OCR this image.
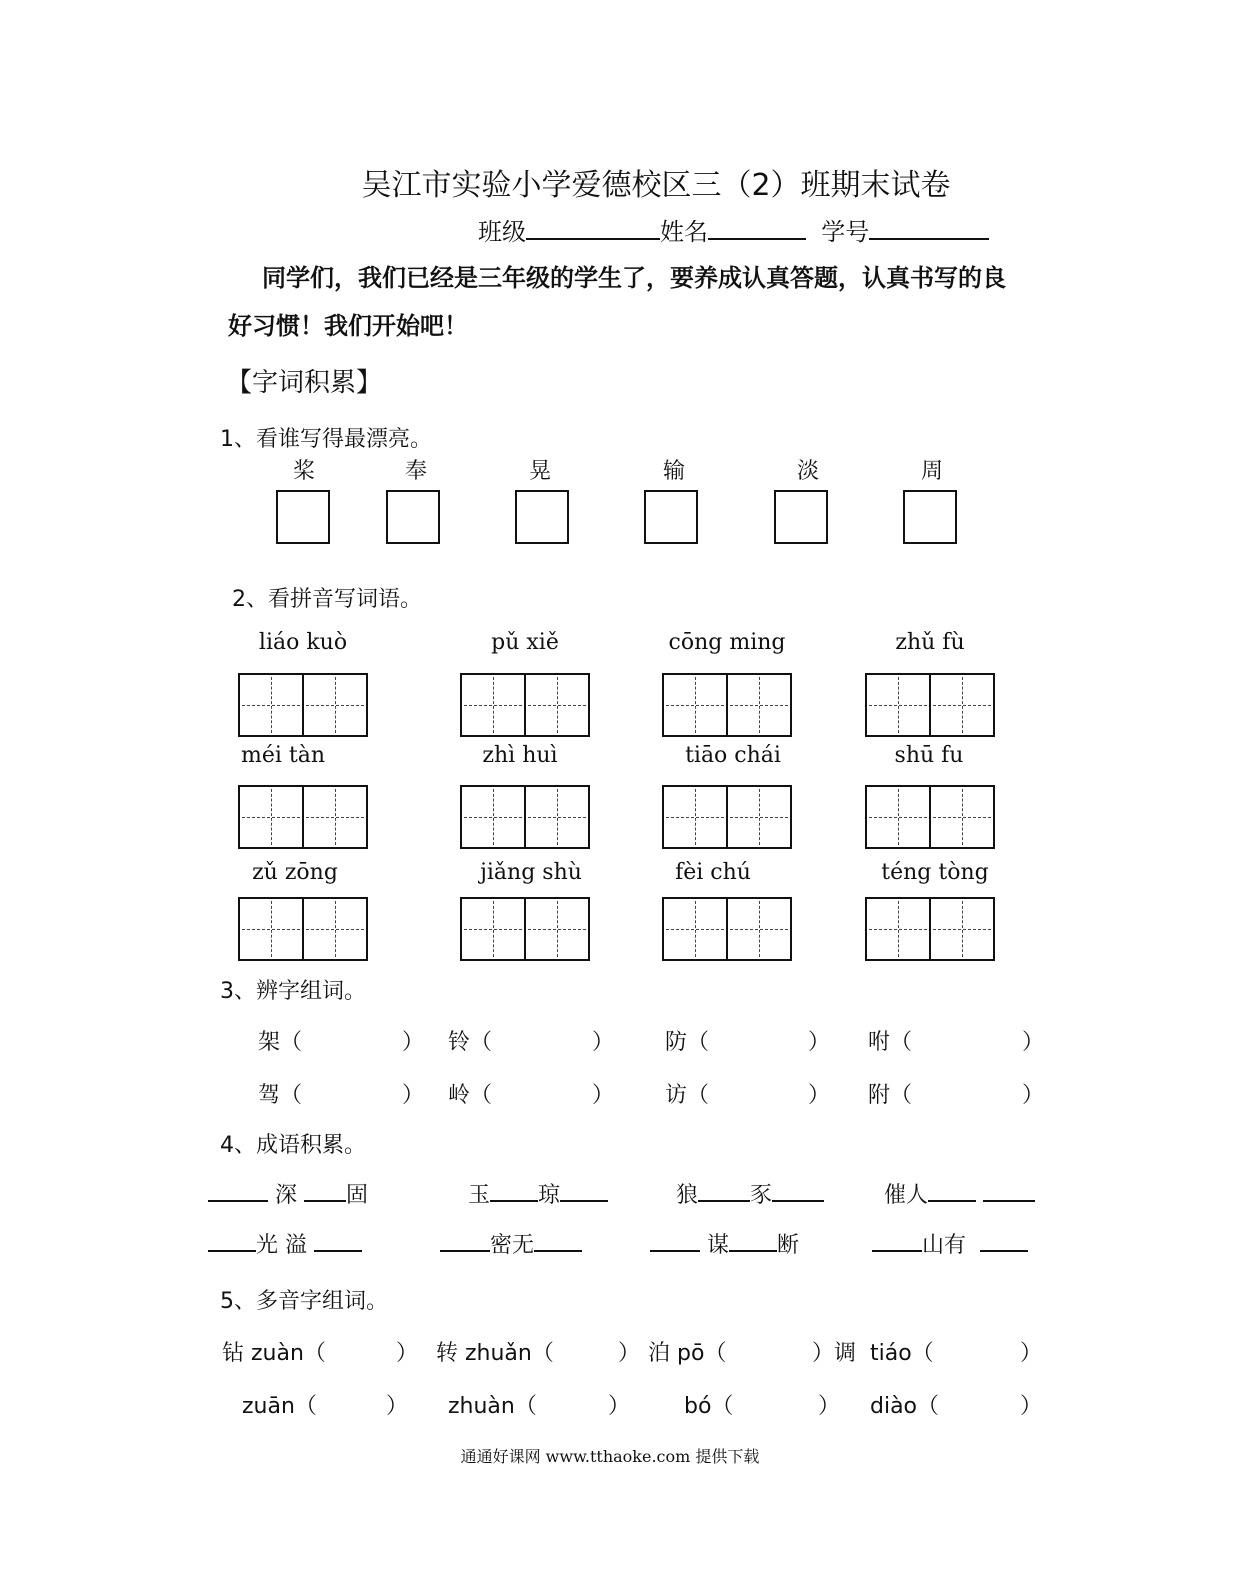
吴江市实验小学爱德校区三（2）班期末试卷
班级	姓名	学号
同学们，我们已经是三年级的学生了，要养成认真答题，认真书写的良
好习惯！我们开始吧！
【字词积累】
1、看谁写得最漂亮。
桨	奉	晃	输	淡	周
2、看拼音写词语。
liáo kuò	pǔ xiě	cōng ming	zhǔ fù
méi tàn	zhì huì	tiāo chái	shū fu
zǔ zōng	jiǎng shù	fèi chú	téng tòng
3、辨字组词。
架（	） 铃（	） 防（	） 咐（	）
驾（	） 岭（	） 访（	） 附（	）
4、成语积累。
深 固	玉 琼	狼 豕	催人
光 溢	密无	谋 断	山有
5、多音字组词。
钻 zuàn（	） 转 zhuǎn（	） 泊 pō（	）调 tiáo（	）
zuān（	） zhuàn（	） bó（	） diào（	）
通通好课网 www.tthaoke.com 提供下载
